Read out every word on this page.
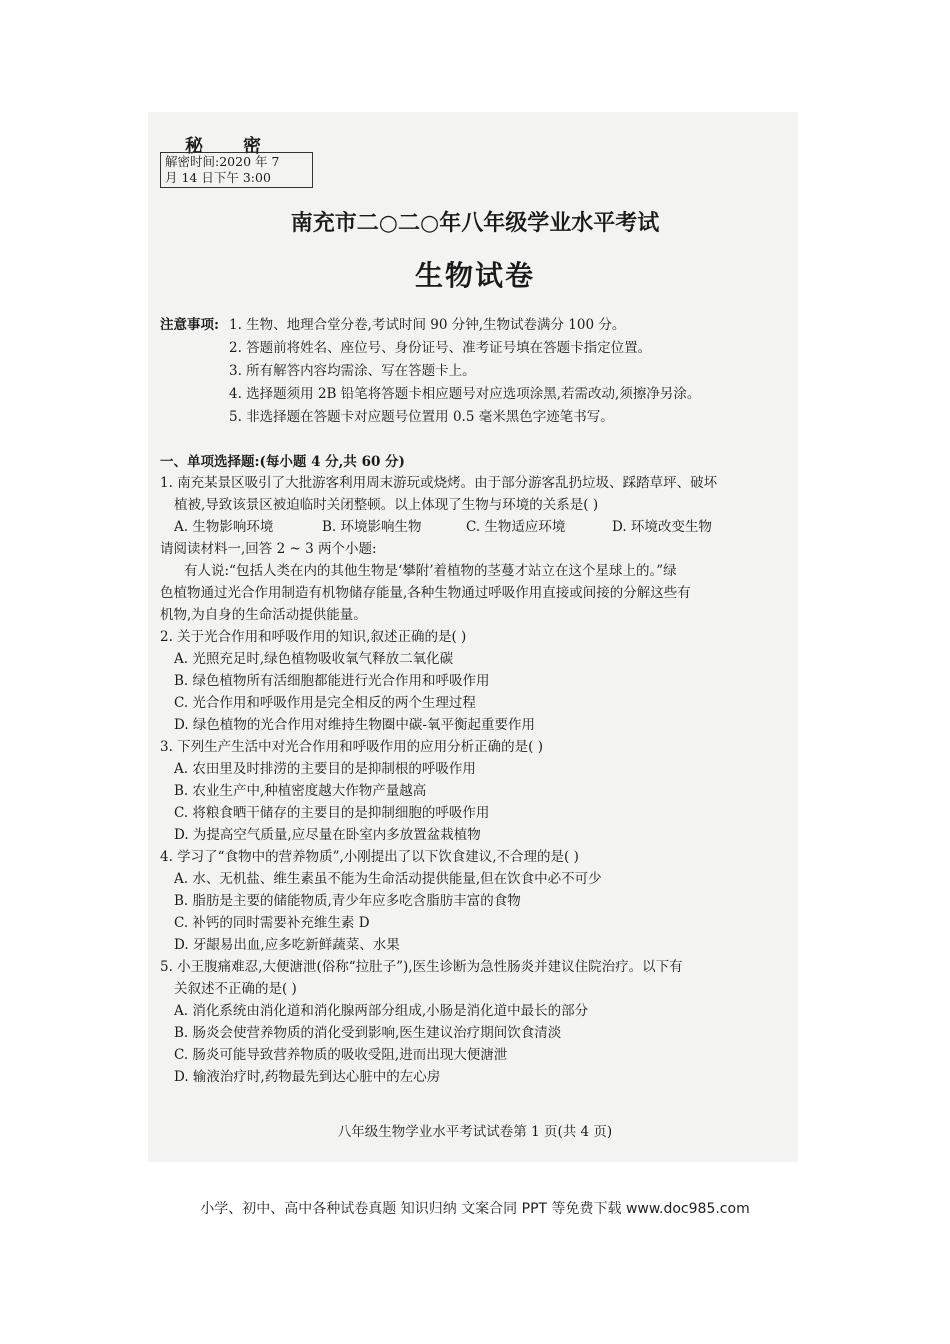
秘密
解密时间:2020 年 7
月 14 日下午 3:00
南充市二○二○年八年级学业水平考试
生物试卷
注意事项: 1. 生物、地理合堂分卷,考试时间 90 分钟,生物试卷满分 100 分。
2. 答题前将姓名、座位号、身份证号、准考证号填在答题卡指定位置。
3. 所有解答内容均需涂、写在答题卡上。
4. 选择题须用 2B 铅笔将答题卡相应题号对应选项涂黑,若需改动,须擦净另涂。
5. 非选择题在答题卡对应题号位置用 0.5 毫米黑色字迹笔书写。
一、单项选择题:(每小题 4 分,共 60 分)
1. 南充某景区吸引了大批游客利用周末游玩或烧烤。由于部分游客乱扔垃圾、踩踏草坪、破坏
植被,导致该景区被迫临时关闭整顿。以上体现了生物与环境的关系是( )
A. 生物影响环境	B. 环境影响生物	C. 生物适应环境	D. 环境改变生物
请阅读材料一,回答 2 ~ 3 两个小题:
有人说:“包括人类在内的其他生物是‘攀附’着植物的茎蔓才站立在这个星球上的。”绿
色植物通过光合作用制造有机物储存能量,各种生物通过呼吸作用直接或间接的分解这些有
机物,为自身的生命活动提供能量。
2. 关于光合作用和呼吸作用的知识,叙述正确的是( )
A. 光照充足时,绿色植物吸收氧气释放二氧化碳
B. 绿色植物所有活细胞都能进行光合作用和呼吸作用
C. 光合作用和呼吸作用是完全相反的两个生理过程
D. 绿色植物的光合作用对维持生物圈中碳-氧平衡起重要作用
3. 下列生产生活中对光合作用和呼吸作用的应用分析正确的是( )
A. 农田里及时排涝的主要目的是抑制根的呼吸作用
B. 农业生产中,种植密度越大作物产量越高
C. 将粮食晒干储存的主要目的是抑制细胞的呼吸作用
D. 为提高空气质量,应尽量在卧室内多放置盆栽植物
4. 学习了“食物中的营养物质”,小刚提出了以下饮食建议,不合理的是( )
A. 水、无机盐、维生素虽不能为生命活动提供能量,但在饮食中必不可少
B. 脂肪是主要的储能物质,青少年应多吃含脂肪丰富的食物
C. 补钙的同时需要补充维生素 D
D. 牙龈易出血,应多吃新鲜蔬菜、水果
5. 小王腹痛难忍,大便溏泄(俗称“拉肚子”),医生诊断为急性肠炎并建议住院治疗。以下有
关叙述不正确的是( )
A. 消化系统由消化道和消化腺两部分组成,小肠是消化道中最长的部分
B. 肠炎会使营养物质的消化受到影响,医生建议治疗期间饮食清淡
C. 肠炎可能导致营养物质的吸收受阻,进而出现大便溏泄
D. 输液治疗时,药物最先到达心脏中的左心房
八年级生物学业水平考试试卷第 1 页(共 4 页)
小学、初中、高中各种试卷真题 知识归纳 文案合同 PPT 等免费下载 www.doc985.com
